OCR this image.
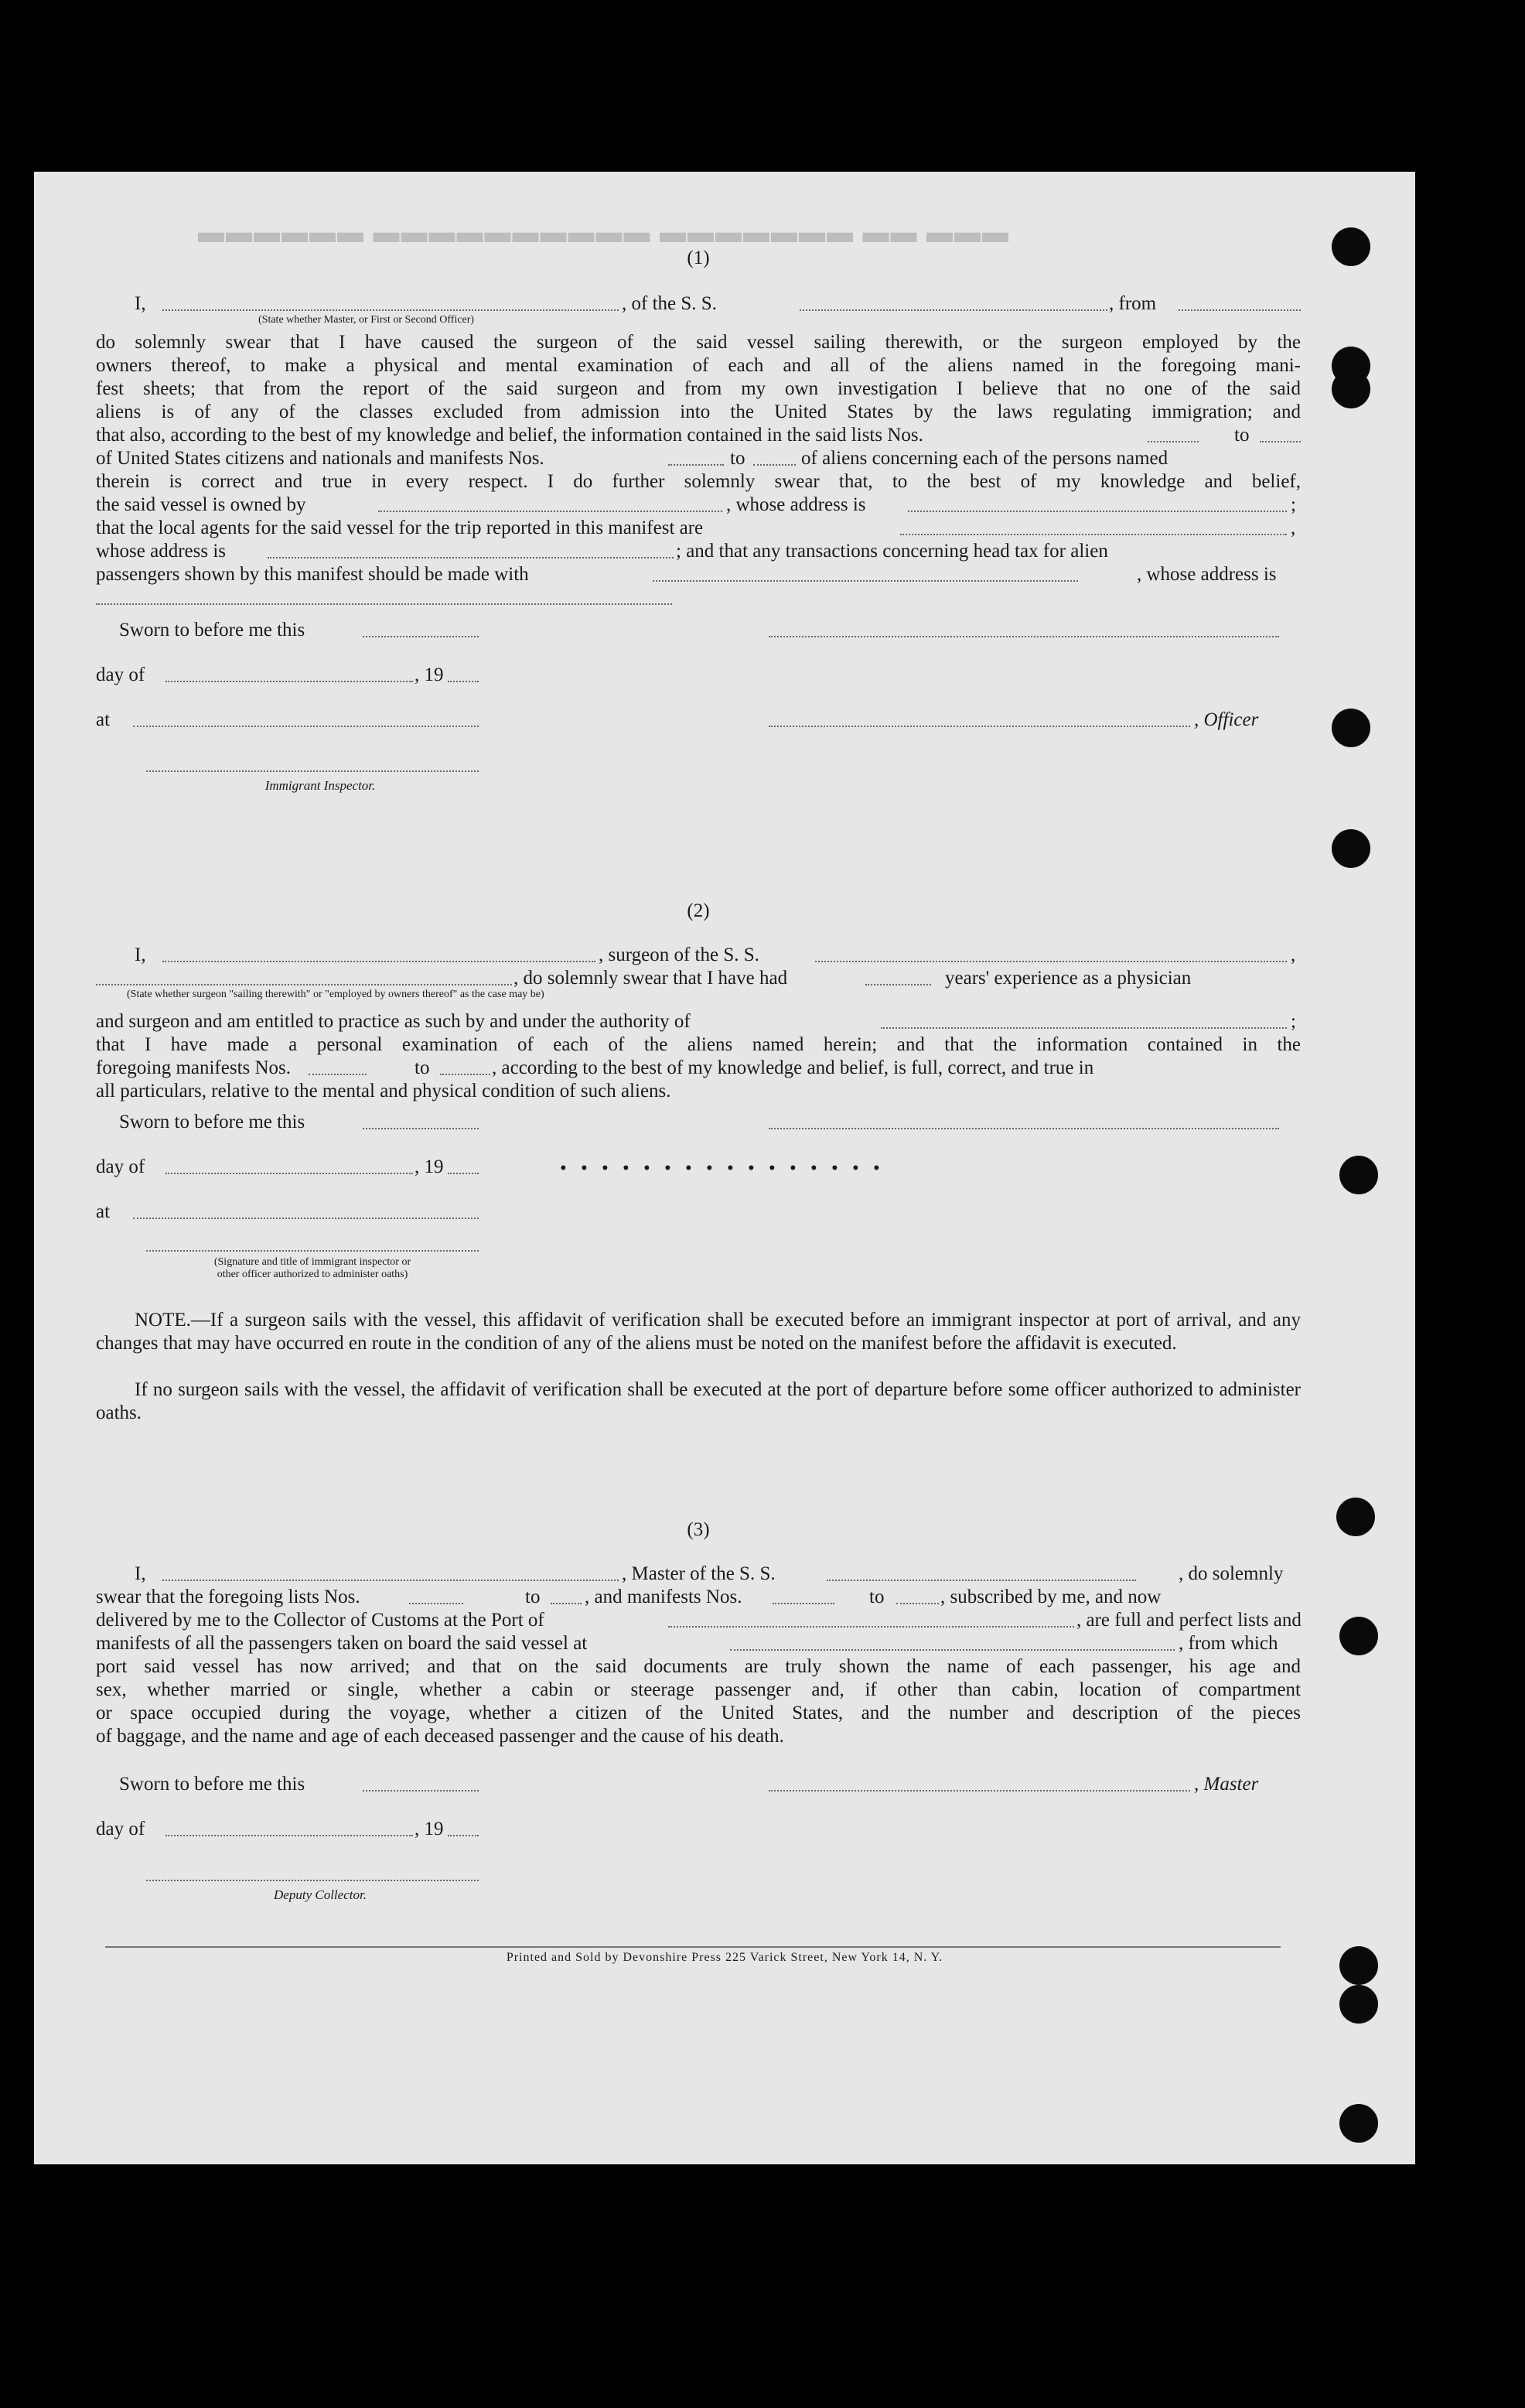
▬▬▬ ▬▬ ▬▬▬▬▬▬▬ ▬▬▬▬▬▬▬▬▬▬ ▬▬▬▬▬▬
(1)
I,	, of the S. S.	, from
(State whether Master, or First or Second Officer)
do solemnly swear that I have caused the surgeon of the said vessel sailing therewith, or the surgeon employed by the
owners thereof, to make a physical and mental examination of each and all of the aliens named in the foregoing mani-
fest sheets; that from the report of the said surgeon and from my own investigation I believe that no one of the said
aliens is of any of the classes excluded from admission into the United States by the laws regulating immigration; and
that also, according to the best of my knowledge and belief, the information contained in the said lists Nos.	to
of United States citizens and nationals and manifests Nos.	to	of aliens concerning each of the persons named
therein is correct and true in every respect. I do further solemnly swear that, to the best of my knowledge and belief,
the said vessel is owned by	, whose address is	;
that the local agents for the said vessel for the trip reported in this manifest are	,
whose address is	; and that any transactions concerning head tax for alien
passengers shown by this manifest should be made with	, whose address is
Sworn to before me this
day of	, 19
at	, Officer
Immigrant Inspector.
(2)
I,	, surgeon of the S. S.	,
, do solemnly swear that I have had	years' experience as a physician
(State whether surgeon "sailing therewith" or "employed by owners thereof" as the case may be)
and surgeon and am entitled to practice as such by and under the authority of	;
that I have made a personal examination of each of the aliens named herein; and that the information contained in the
foregoing manifests Nos.	to	, according to the best of my knowledge and belief, is full, correct, and true in
all particulars, relative to the mental and physical condition of such aliens.
Sworn to before me this
day of	, 19	• • • • • • • • • • • • • • • •
at
(Signature and title of immigrant inspector or
other officer authorized to administer oaths)
NOTE.—If a surgeon sails with the vessel, this affidavit of verification shall be executed before an immigrant inspector at port of arrival, and any changes that may have occurred en route in the condition of any of the aliens must be noted on the manifest before the affidavit is executed.
If no surgeon sails with the vessel, the affidavit of verification shall be executed at the port of departure before some officer authorized to administer oaths.
(3)
I,	, Master of the S. S.	, do solemnly
swear that the foregoing lists Nos.	to , and manifests Nos.	to	, subscribed by me, and now
delivered by me to the Collector of Customs at the Port of	, are full and perfect lists and
manifests of all the passengers taken on board the said vessel at	, from which
port said vessel has now arrived; and that on the said documents are truly shown the name of each passenger, his age and
sex, whether married or single, whether a cabin or steerage passenger and, if other than cabin, location of compartment
or space occupied during the voyage, whether a citizen of the United States, and the number and description of the pieces
of baggage, and the name and age of each deceased passenger and the cause of his death.
Sworn to before me this	, Master
day of	, 19
Deputy Collector.
Printed and Sold by Devonshire Press 225 Varick Street, New York 14, N. Y.
